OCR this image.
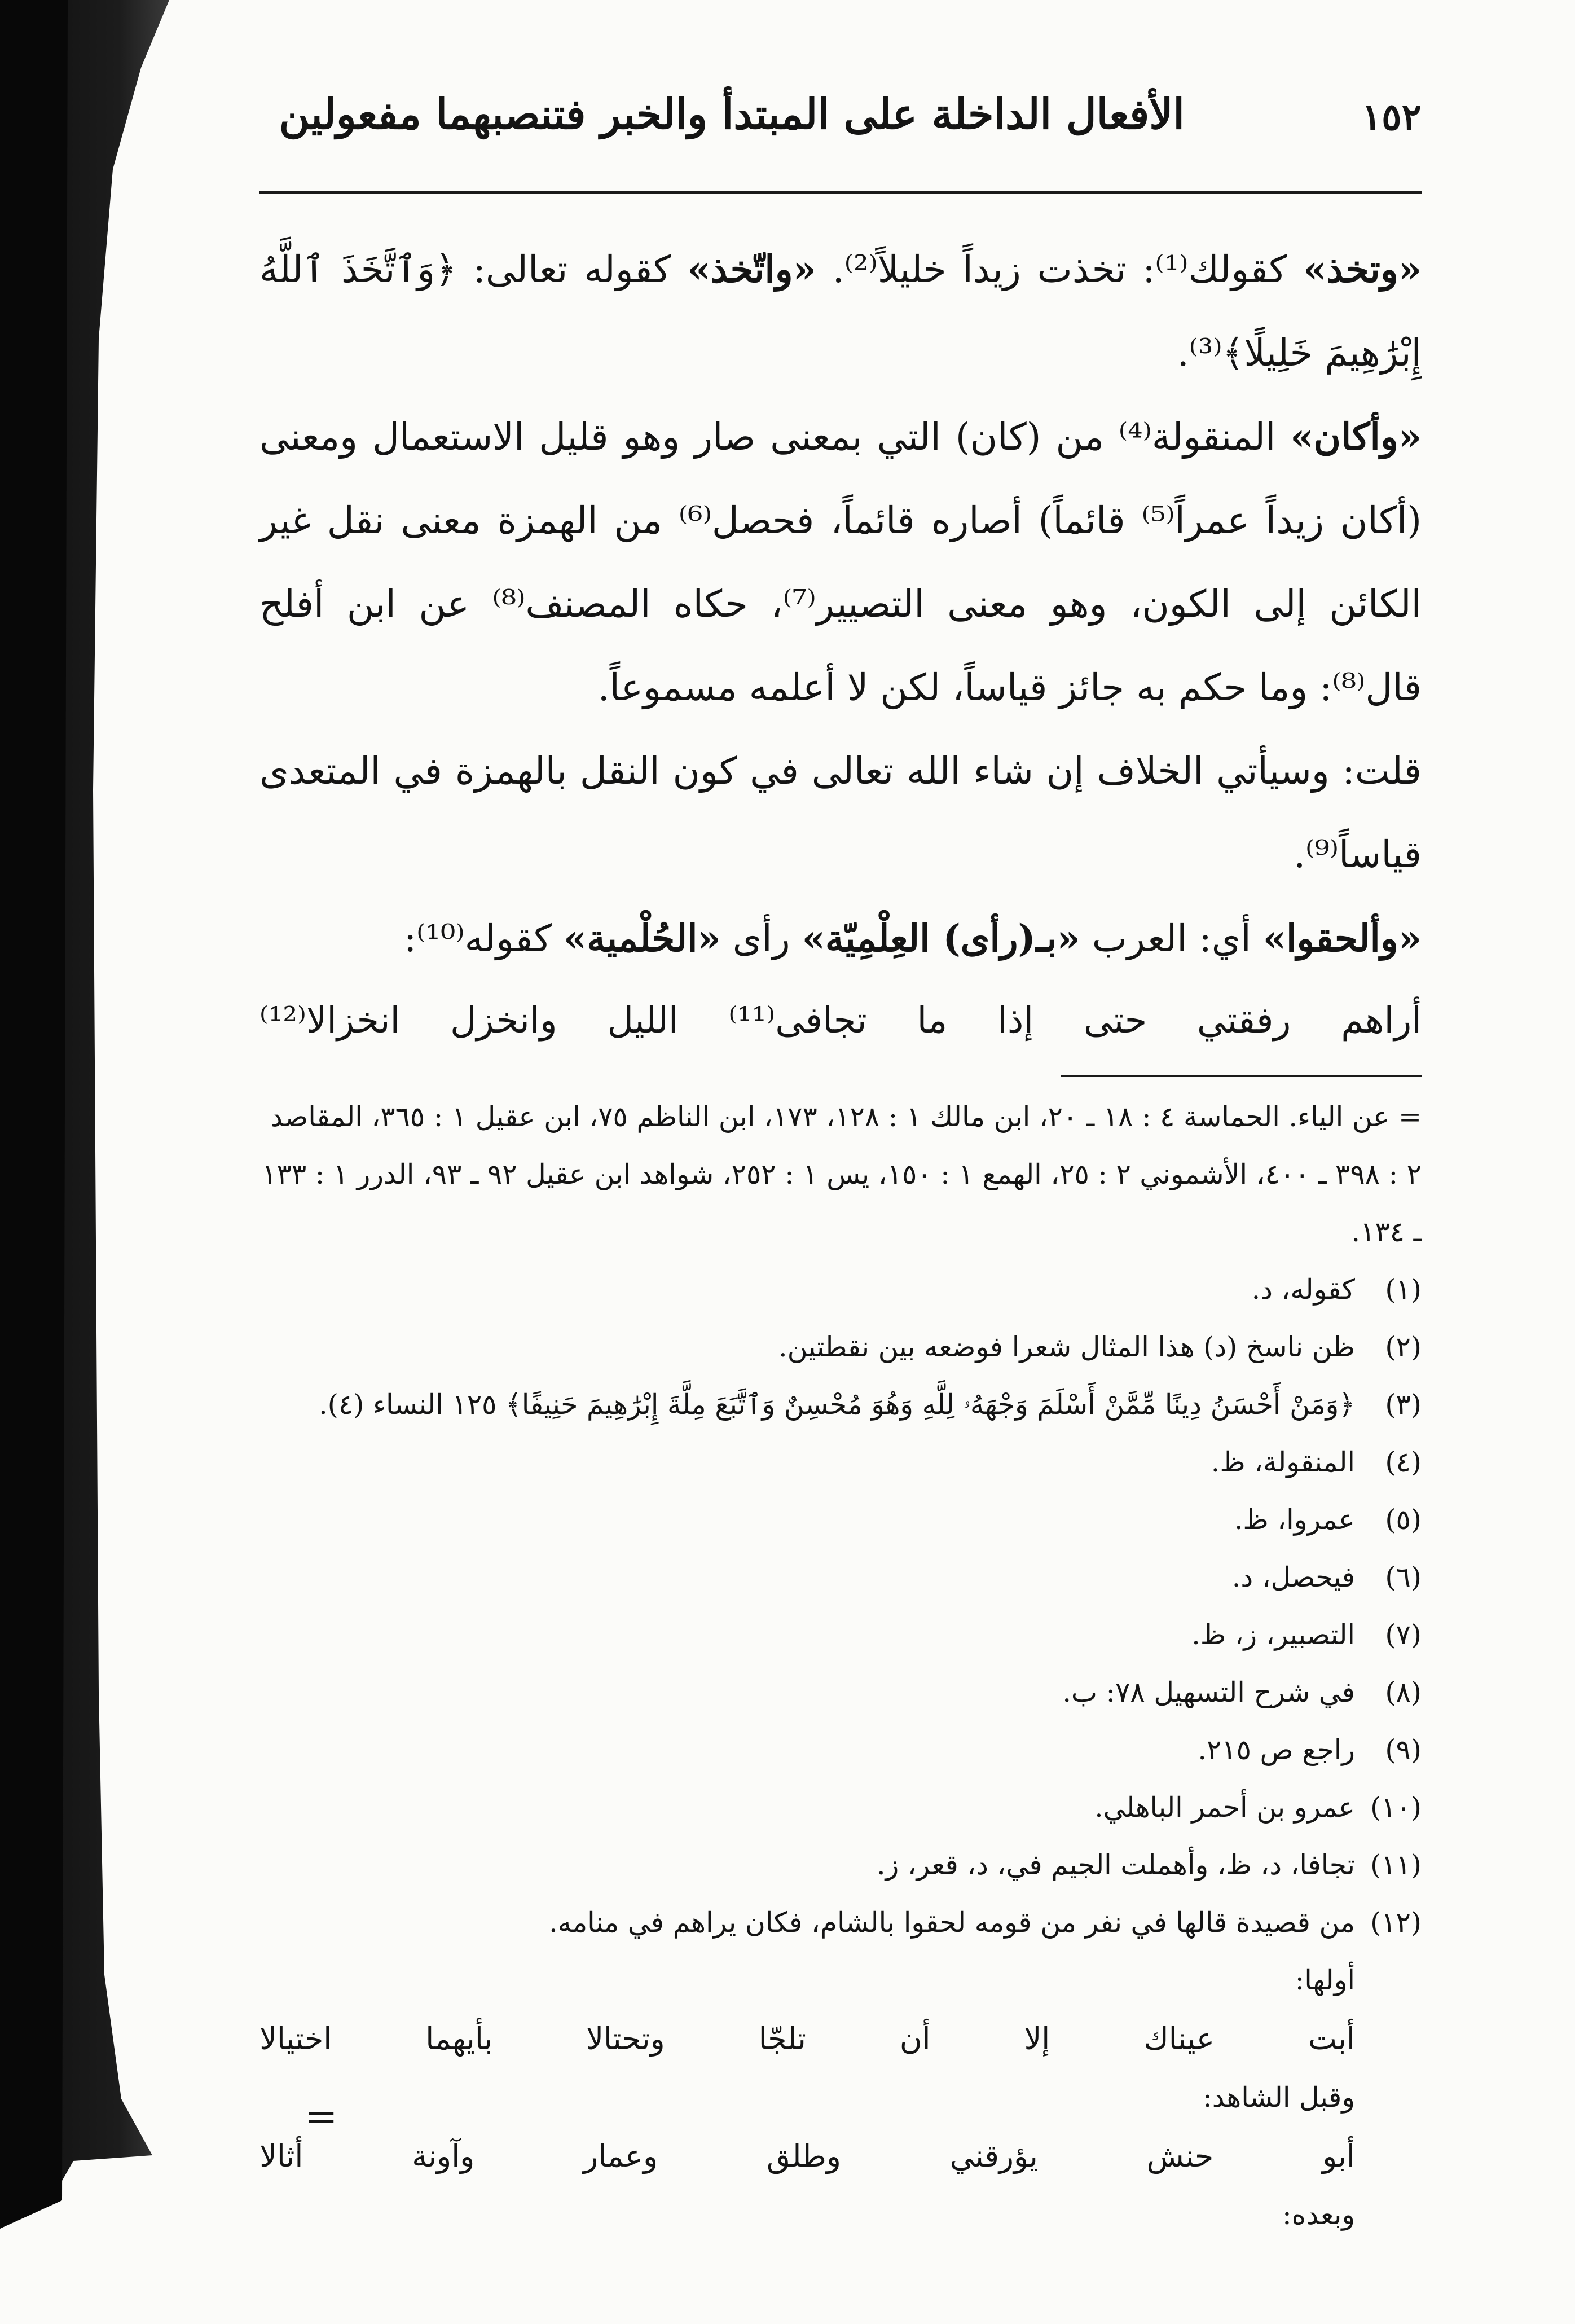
١٥٢
الأفعال الداخلة على المبتدأ والخبر فتنصبهما مفعولين

«وتخذ» كقولك⁽¹⁾: تخذت زيداً خليلاً⁽²⁾. «واتّخذ» كقوله تعالى: ﴿وَٱتَّخَذَ ٱللَّهُ إِبْرَٰهِيمَ خَلِيلًا﴾⁽³⁾.

«وأكان» المنقولة⁽⁴⁾ من (كان) التي بمعنى صار وهو قليل الاستعمال ومعنى (أكان زيداً عمراً⁽⁵⁾ قائماً) أصاره قائماً، فحصل⁽⁶⁾ من الهمزة معنى نقل غير الكائن إلى الكون، وهو معنى التصيير⁽⁷⁾، حكاه المصنف⁽⁸⁾ عن ابن أفلح قال⁽⁸⁾: وما حكم به جائز قياساً، لكن لا أعلمه مسموعاً.

قلت: وسيأتي الخلاف إن شاء الله تعالى في كون النقل بالهمزة في المتعدى قياساً⁽⁹⁾.

«وألحقوا» أي: العرب «بـ(رأى) العِلْمِيّة» رأى «الحُلْمية» كقوله⁽¹⁰⁾:

أراهم
رفقتي
حتى
إذا
ما
تجافى⁽¹¹⁾
الليل
وانخزل
انخزالا⁽¹²⁾

= عن الياء. الحماسة ٤ : ١٨ ـ ٢٠، ابن مالك ١ : ١٢٨، ١٧٣، ابن الناظم ٧٥، ابن عقيل ١ : ٣٦٥، المقاصد ٢ : ٣٩٨ ـ ٤٠٠، الأشموني ٢ : ٢٥، الهمع ١ : ١٥٠، يس ١ : ٢٥٢، شواهد ابن عقيل ٩٢ ـ ٩٣، الدرر ١ : ١٣٣ ـ ١٣٤.

(١)
كقوله، د.
(٢)
ظن ناسخ (د) هذا المثال شعرا فوضعه بين نقطتين.
(٣)
﴿وَمَنْ أَحْسَنُ دِينًا مِّمَّنْ أَسْلَمَ وَجْهَهُۥ لِلَّهِ وَهُوَ مُحْسِنٌ وَٱتَّبَعَ مِلَّةَ إِبْرَٰهِيمَ حَنِيفًا﴾ ١٢٥ النساء (٤).
(٤)
المنقولة، ظ.
(٥)
عمروا، ظ.
(٦)
فيحصل، د.
(٧)
التصبير، ز، ظ.
(٨)
في شرح التسهيل ٧٨: ب.
(٩)
راجع ص ٢١٥.
(١٠)
عمرو بن أحمر الباهلي.
(١١)
تجافا، د، ظ، وأهملت الجيم في، د، قعر، ز.
(١٢)
من قصيدة قالها في نفر من قومه لحقوا بالشام، فكان يراهم في منامه.

أولها:

أبت
عيناك
إلا
أن
تلجّا
وتحتالا
بأيهما
اختيالا

وقبل الشاهد:

أبو
حنش
يؤرقني
وطلق
وعمار
وآونة
أثالا

وبعده:

=
